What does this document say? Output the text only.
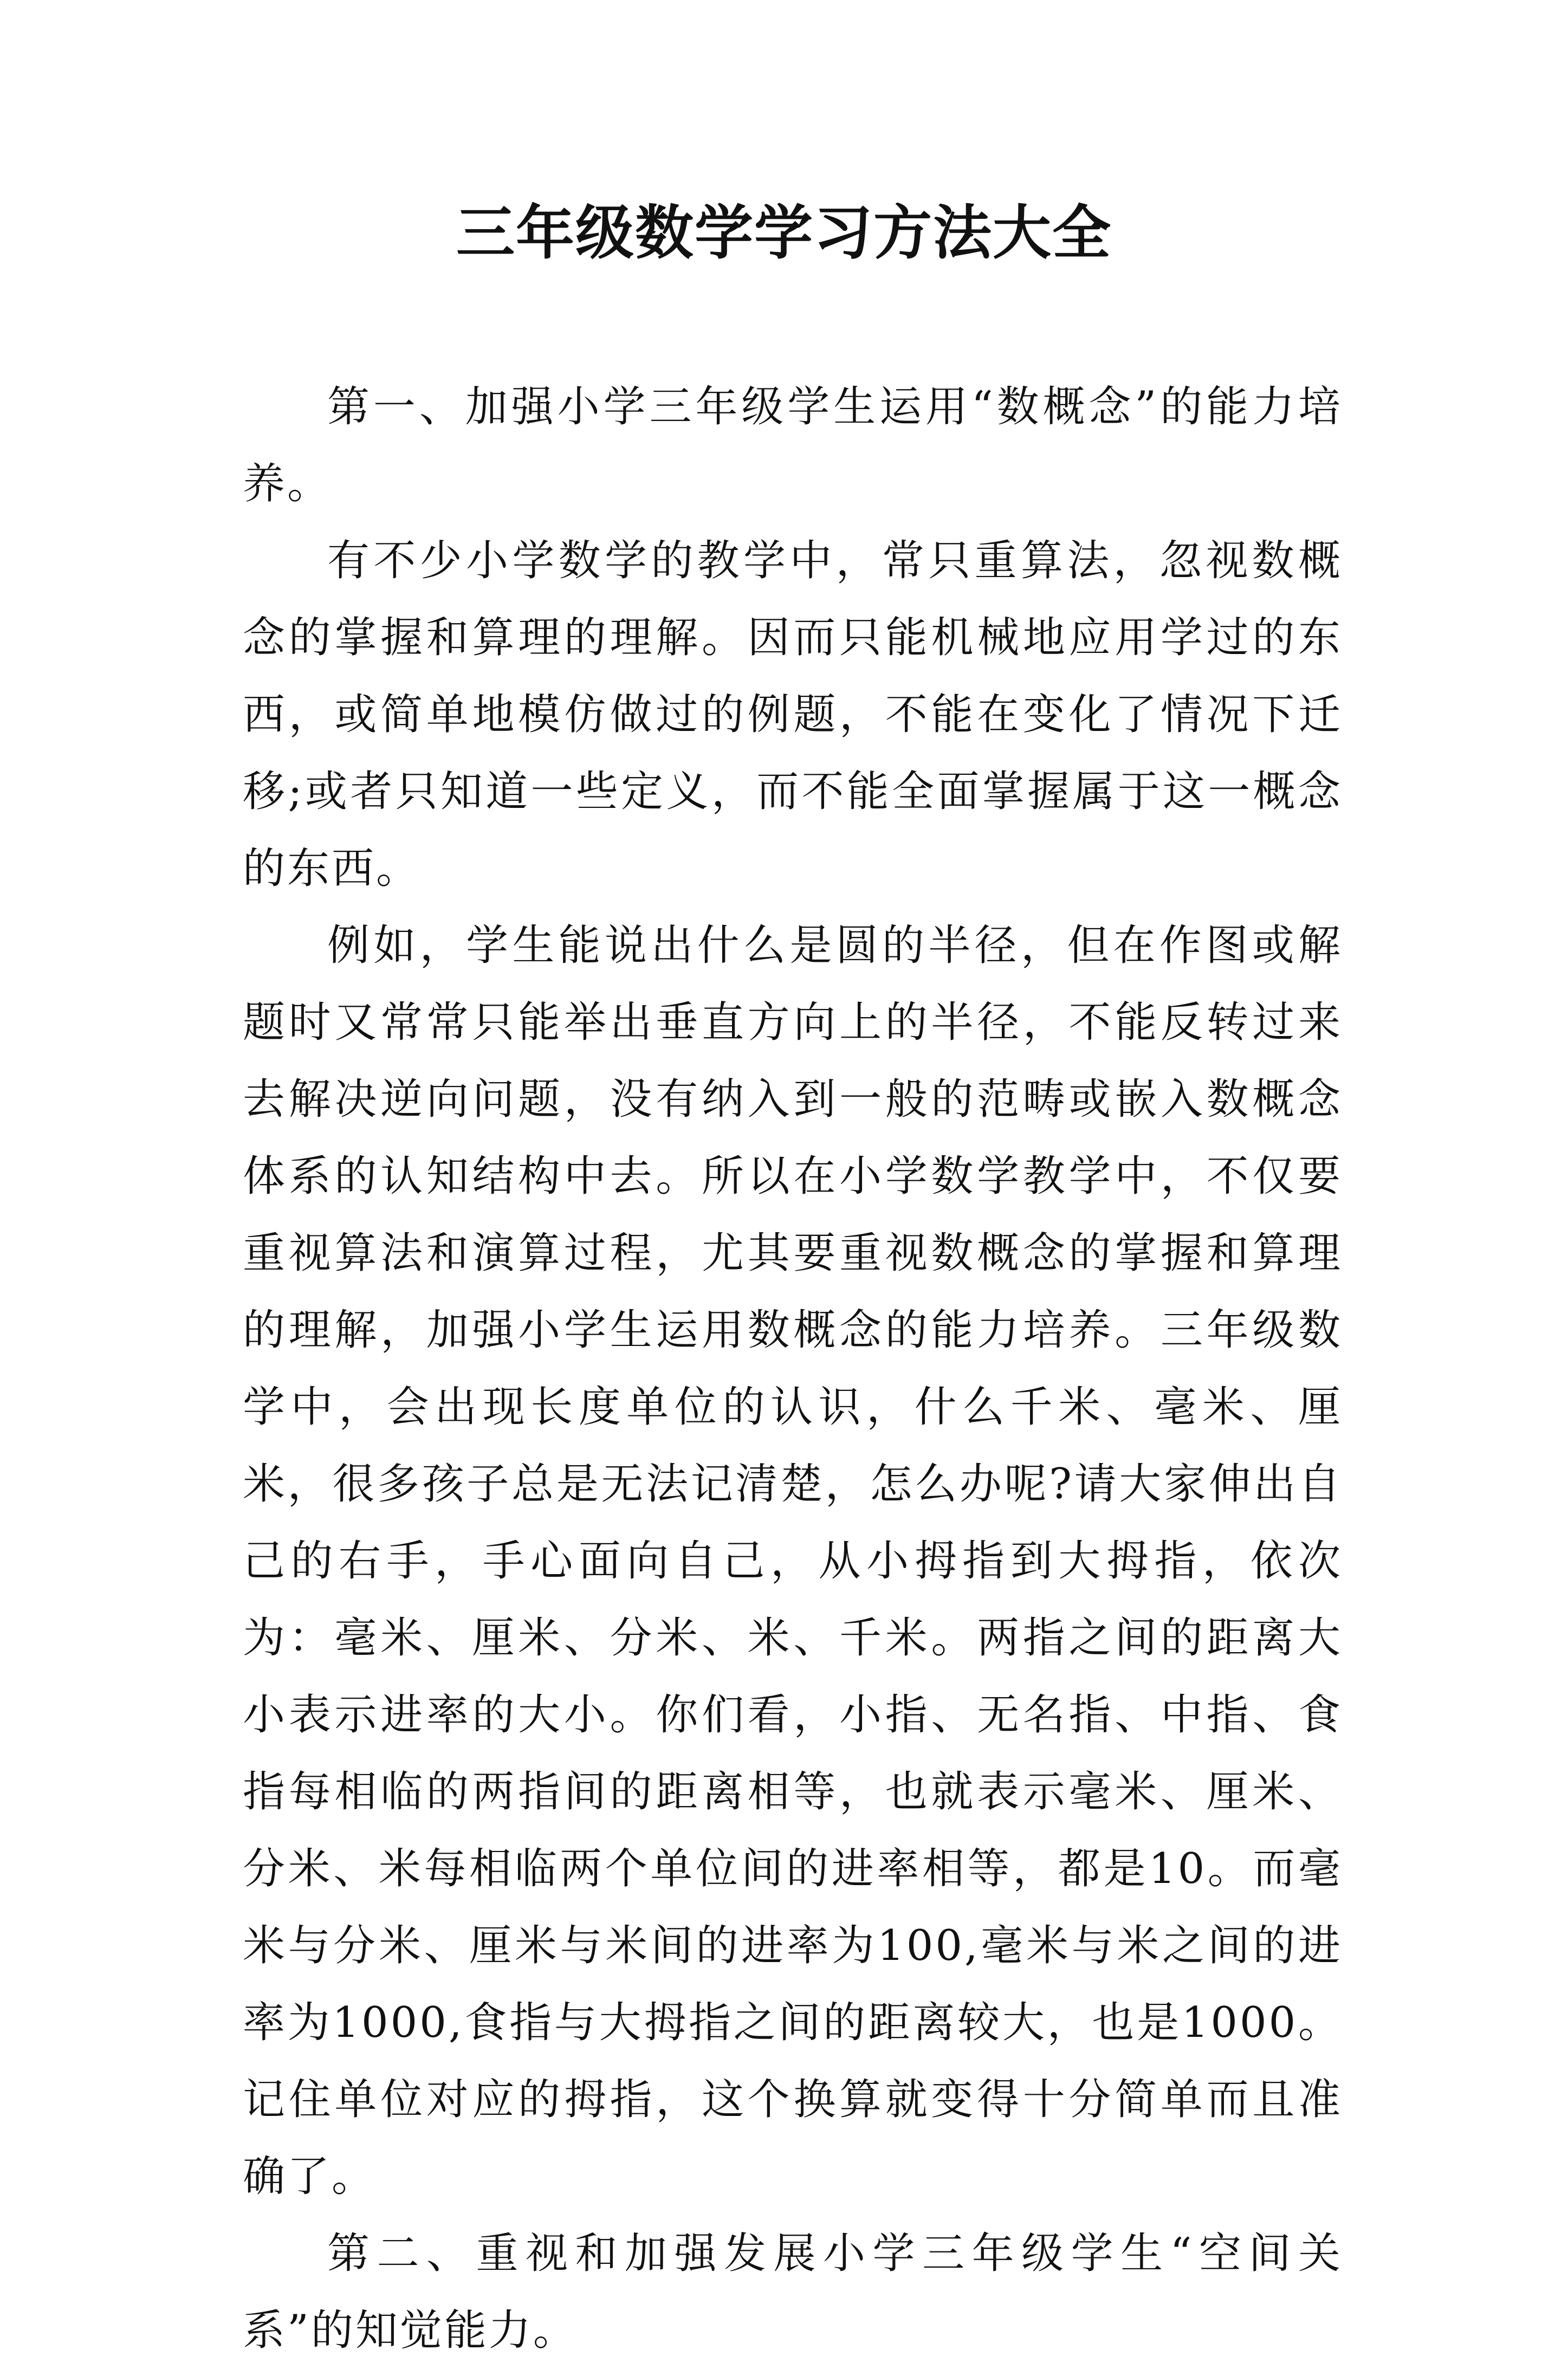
三年级数学学习方法大全

第一、加强小学三年级学生运用“数概念”的能力培养。

有不少小学数学的教学中，常只重算法，忽视数概念的掌握和算理的理解。因而只能机械地应用学过的东西，或简单地模仿做过的例题，不能在变化了情况下迁移;或者只知道一些定义，而不能全面掌握属于这一概念的东西。

例如，学生能说出什么是圆的半径，但在作图或解题时又常常只能举出垂直方向上的半径，不能反转过来去解决逆向问题，没有纳入到一般的范畴或嵌入数概念体系的认知结构中去。所以在小学数学教学中，不仅要重视算法和演算过程，尤其要重视数概念的掌握和算理的理解，加强小学生运用数概念的能力培养。三年级数学中，会出现长度单位的认识，什么千米、毫米、厘米，很多孩子总是无法记清楚，怎么办呢?请大家伸出自己的右手，手心面向自己，从小拇指到大拇指，依次为：毫米、厘米、分米、米、千米。两指之间的距离大小表示进率的大小。你们看，小指、无名指、中指、食指每相临的两指间的距离相等，也就表示毫米、厘米、分米、米每相临两个单位间的进率相等，都是10。而毫米与分米、厘米与米间的进率为100,毫米与米之间的进率为1000,食指与大拇指之间的距离较大，也是1000。记住单位对应的拇指，这个换算就变得十分简单而且准确了。

第二、重视和加强发展小学三年级学生“空间关系”的知觉能力。
